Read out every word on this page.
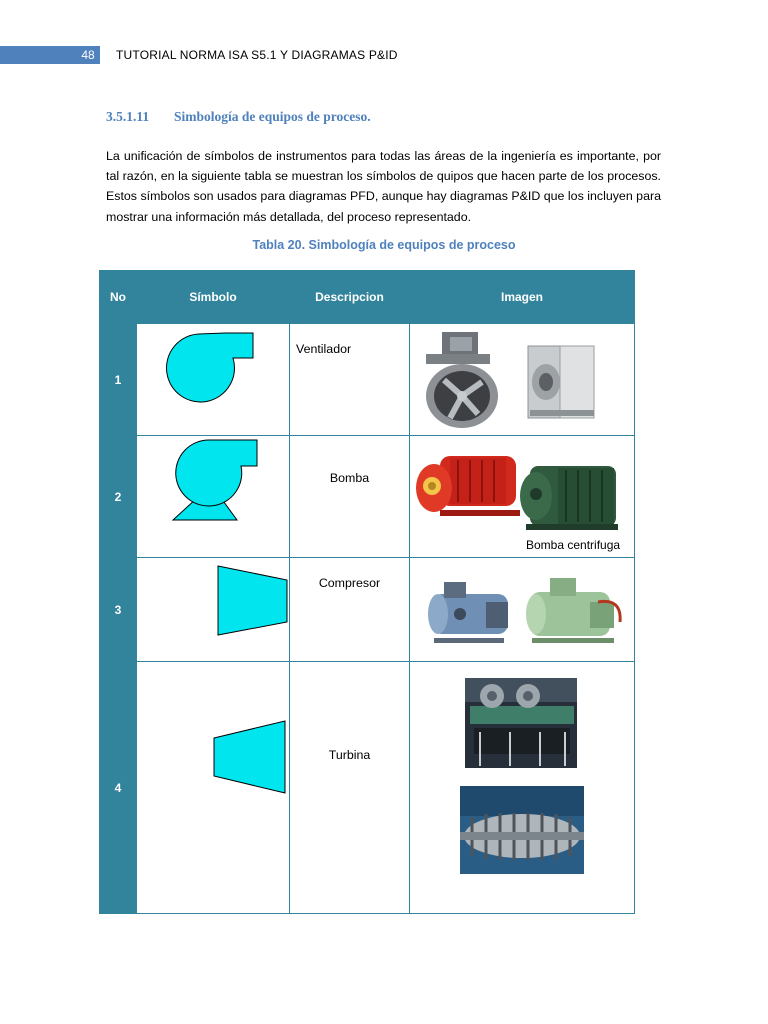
48	TUTORIAL NORMA ISA S5.1 Y DIAGRAMAS P&ID
3.5.1.11 Simbología de equipos de proceso.
La unificación de símbolos de instrumentos para todas las áreas de la ingeniería es importante, por tal razón, en la siguiente tabla se muestran los símbolos de quipos que hacen parte de los procesos. Estos símbolos son usados para diagramas PFD, aunque hay diagramas P&ID que los incluyen para mostrar una información más detallada, del proceso representado.
Tabla 20. Simbología de equipos de proceso
No	Símbolo	Descripcion	Imagen
1		Ventilador

2		Bomba	Bomba centrifuga

3		Compresor

4		Turbina
